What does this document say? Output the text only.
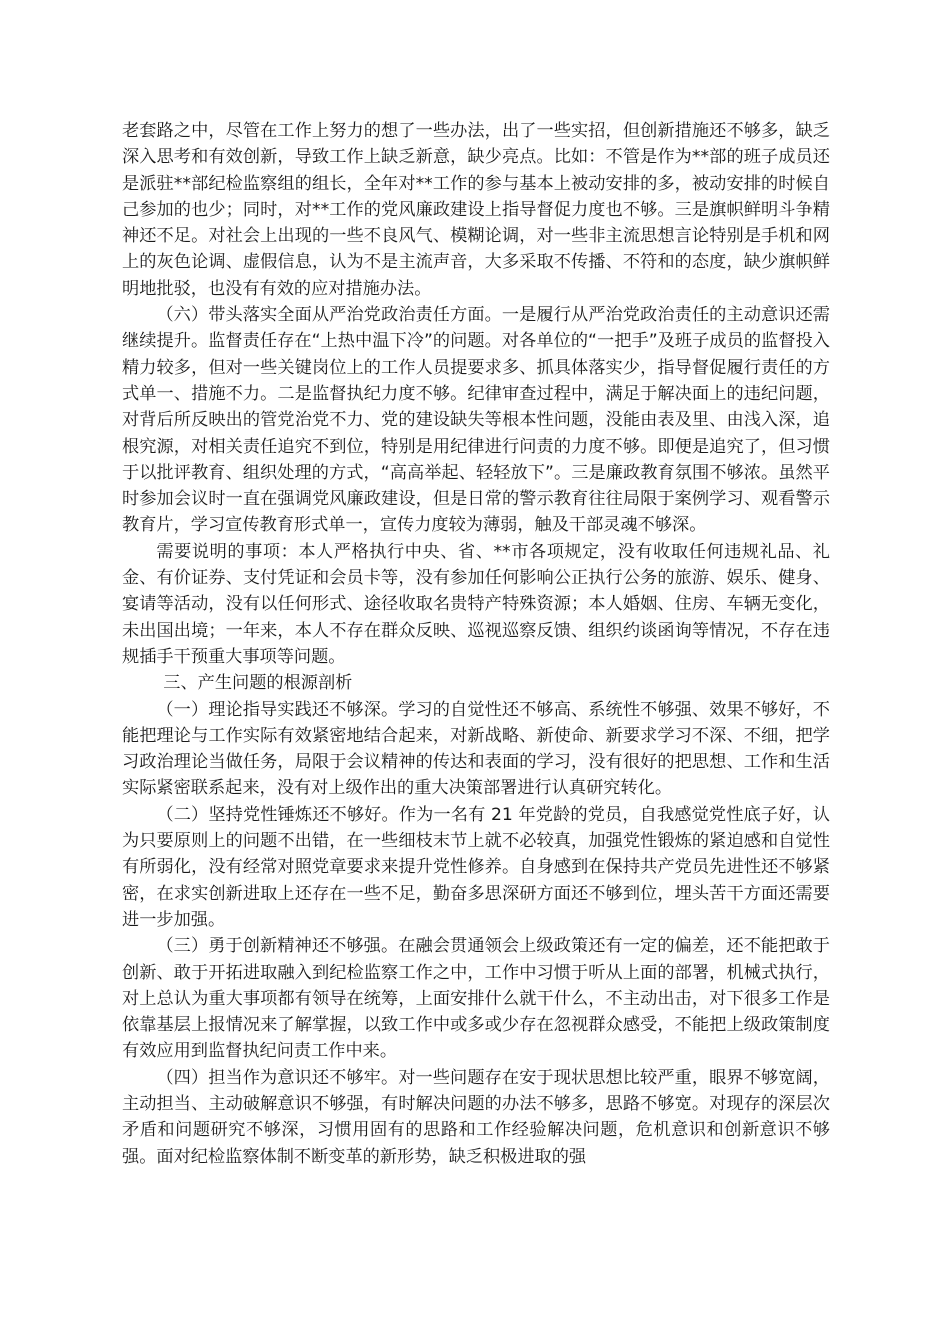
老套路之中，尽管在工作上努力的想了一些办法，出了一些实招，但创新措施还不够多，缺乏深入思考和有效创新，导致工作上缺乏新意，缺少亮点。比如：不管是作为**部的班子成员还是派驻**部纪检监察组的组长，全年对**工作的参与基本上被动安排的多，被动安排的时候自己参加的也少；同时，对**工作的党风廉政建设上指导督促力度也不够。三是旗帜鲜明斗争精神还不足。对社会上出现的一些不良风气、模糊论调，对一些非主流思想言论特别是手机和网上的灰色论调、虚假信息，认为不是主流声音，大多采取不传播、不符和的态度，缺少旗帜鲜明地批驳，也没有有效的应对措施办法。

（六）带头落实全面从严治党政治责任方面。一是履行从严治党政治责任的主动意识还需继续提升。监督责任存在“上热中温下冷”的问题。对各单位的“一把手”及班子成员的监督投入精力较多，但对一些关键岗位上的工作人员提要求多、抓具体落实少，指导督促履行责任的方式单一、措施不力。二是监督执纪力度不够。纪律审查过程中，满足于解决面上的违纪问题，对背后所反映出的管党治党不力、党的建设缺失等根本性问题，没能由表及里、由浅入深，追根究源，对相关责任追究不到位，特别是用纪律进行问责的力度不够。即便是追究了，但习惯于以批评教育、组织处理的方式，“高高举起、轻轻放下”。三是廉政教育氛围不够浓。虽然平时参加会议时一直在强调党风廉政建设，但是日常的警示教育往往局限于案例学习、观看警示教育片，学习宣传教育形式单一，宣传力度较为薄弱，触及干部灵魂不够深。

需要说明的事项：本人严格执行中央、省、**市各项规定，没有收取任何违规礼品、礼金、有价证券、支付凭证和会员卡等，没有参加任何影响公正执行公务的旅游、娱乐、健身、宴请等活动，没有以任何形式、途径收取名贵特产特殊资源；本人婚姻、住房、车辆无变化，未出国出境；一年来，本人不存在群众反映、巡视巡察反馈、组织约谈函询等情况，不存在违规插手干预重大事项等问题。

三、产生问题的根源剖析

（一）理论指导实践还不够深。学习的自觉性还不够高、系统性不够强、效果不够好，不能把理论与工作实际有效紧密地结合起来，对新战略、新使命、新要求学习不深、不细，把学习政治理论当做任务，局限于会议精神的传达和表面的学习，没有很好的把思想、工作和生活实际紧密联系起来，没有对上级作出的重大决策部署进行认真研究转化。

（二）坚持党性锤炼还不够好。作为一名有 21 年党龄的党员，自我感觉党性底子好，认为只要原则上的问题不出错，在一些细枝末节上就不必较真，加强党性锻炼的紧迫感和自觉性有所弱化，没有经常对照党章要求来提升党性修养。自身感到在保持共产党员先进性还不够紧密，在求实创新进取上还存在一些不足，勤奋多思深研方面还不够到位，埋头苦干方面还需要进一步加强。

（三）勇于创新精神还不够强。在融会贯通领会上级政策还有一定的偏差，还不能把敢于创新、敢于开拓进取融入到纪检监察工作之中，工作中习惯于听从上面的部署，机械式执行，对上总认为重大事项都有领导在统筹，上面安排什么就干什么，不主动出击，对下很多工作是依靠基层上报情况来了解掌握，以致工作中或多或少存在忽视群众感受，不能把上级政策制度有效应用到监督执纪问责工作中来。

（四）担当作为意识还不够牢。对一些问题存在安于现状思想比较严重，眼界不够宽阔，主动担当、主动破解意识不够强，有时解决问题的办法不够多，思路不够宽。对现存的深层次矛盾和问题研究不够深，习惯用固有的思路和工作经验解决问题，危机意识和创新意识不够强。面对纪检监察体制不断变革的新形势，缺乏积极进取的强
